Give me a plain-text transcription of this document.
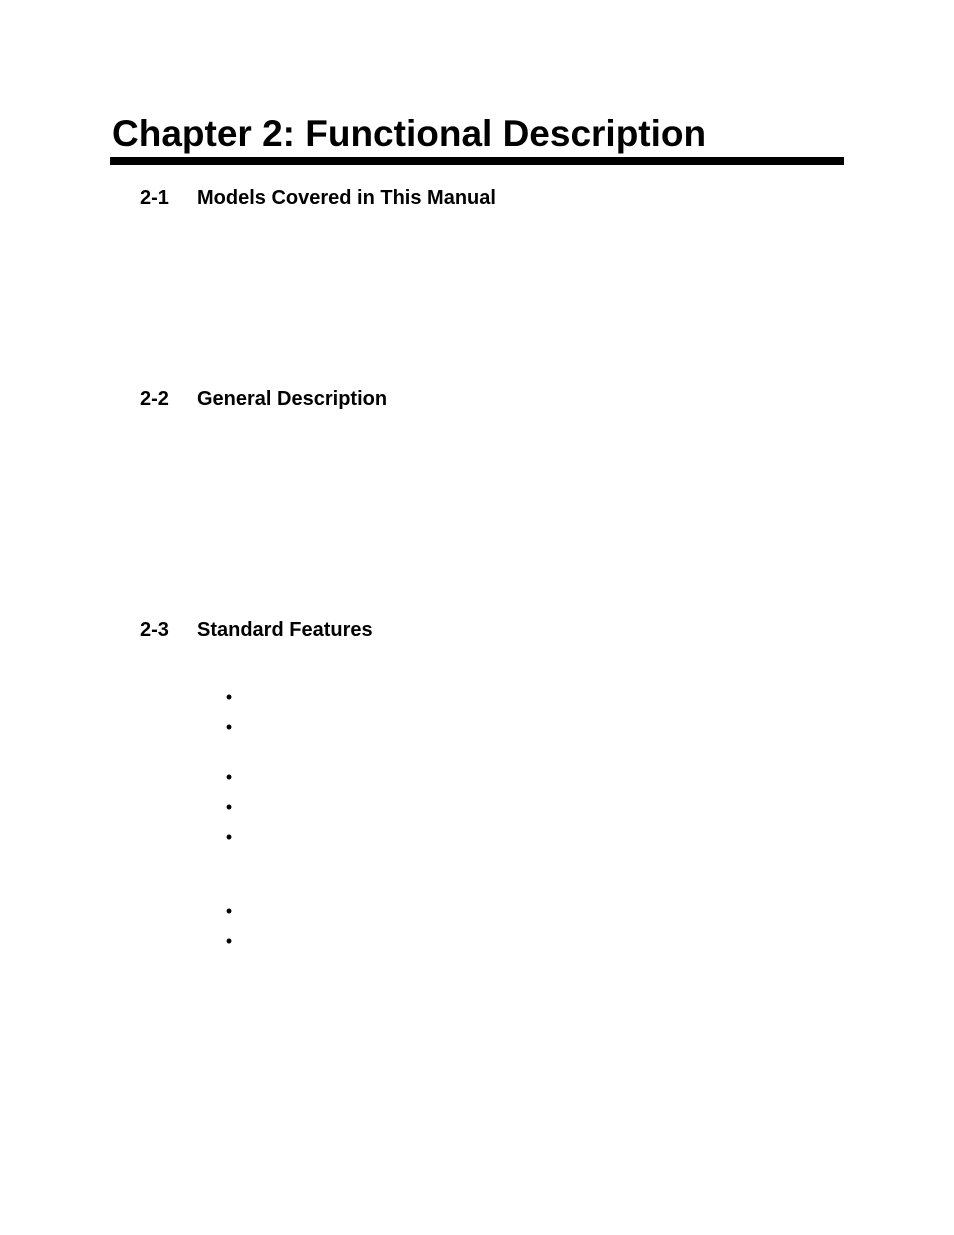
Chapter 2: Functional Description
2-1 Models Covered in This Manual
2-2 General Description
2-3 Standard Features
•
•
•
•
•
•
•
